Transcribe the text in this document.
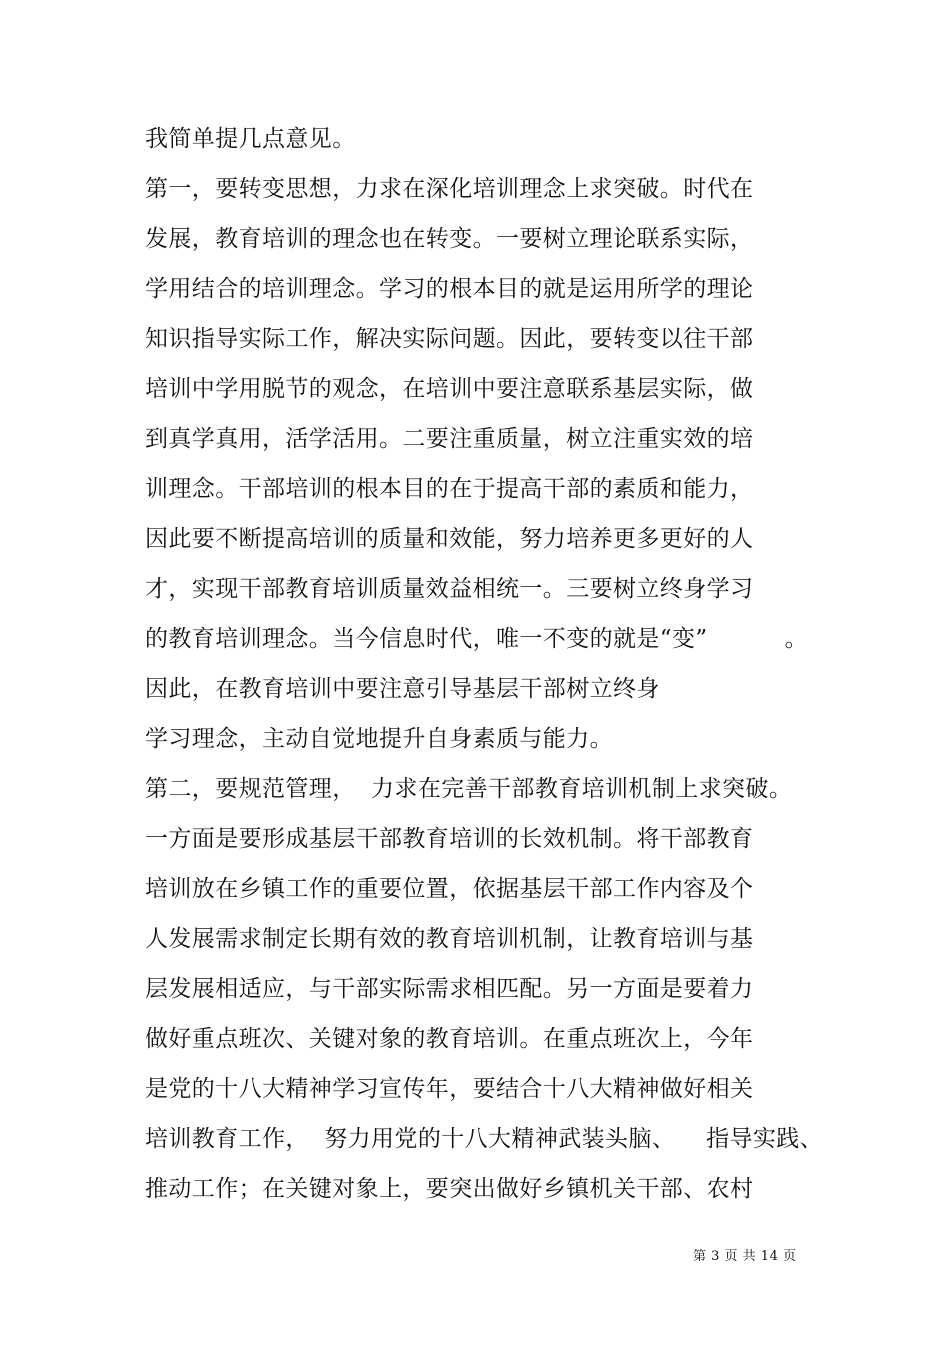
我简单提几点意见。
第一，要转变思想，力求在深化培训理念上求突破。时代在
发展，教育培训的理念也在转变。一要树立理论联系实际，
学用结合的培训理念。学习的根本目的就是运用所学的理论
知识指导实际工作，解决实际问题。因此，要转变以往干部
培训中学用脱节的观念，在培训中要注意联系基层实际，做
到真学真用，活学活用。二要注重质量，树立注重实效的培
训理念。干部培训的根本目的在于提高干部的素质和能力，
因此要不断提高培训的质量和效能，努力培养更多更好的人
才，实现干部教育培训质量效益相统一。三要树立终身学习
的教育培训理念。当今信息时代，唯一不变的就是“变”          。
因此，在教育培训中要注意引导基层干部树立终身
学习理念，主动自觉地提升自身素质与能力。
第二，要规范管理，  力求在完善干部教育培训机制上求突破。
一方面是要形成基层干部教育培训的长效机制。将干部教育
培训放在乡镇工作的重要位置，依据基层干部工作内容及个
人发展需求制定长期有效的教育培训机制，让教育培训与基
层发展相适应，与干部实际需求相匹配。另一方面是要着力
做好重点班次、关键对象的教育培训。在重点班次上，今年
是党的十八大精神学习宣传年，要结合十八大精神做好相关
培训教育工作，  努力用党的十八大精神武装头脑、    指导实践、
推动工作；在关键对象上，要突出做好乡镇机关干部、农村
第 3 页 共 14 页
